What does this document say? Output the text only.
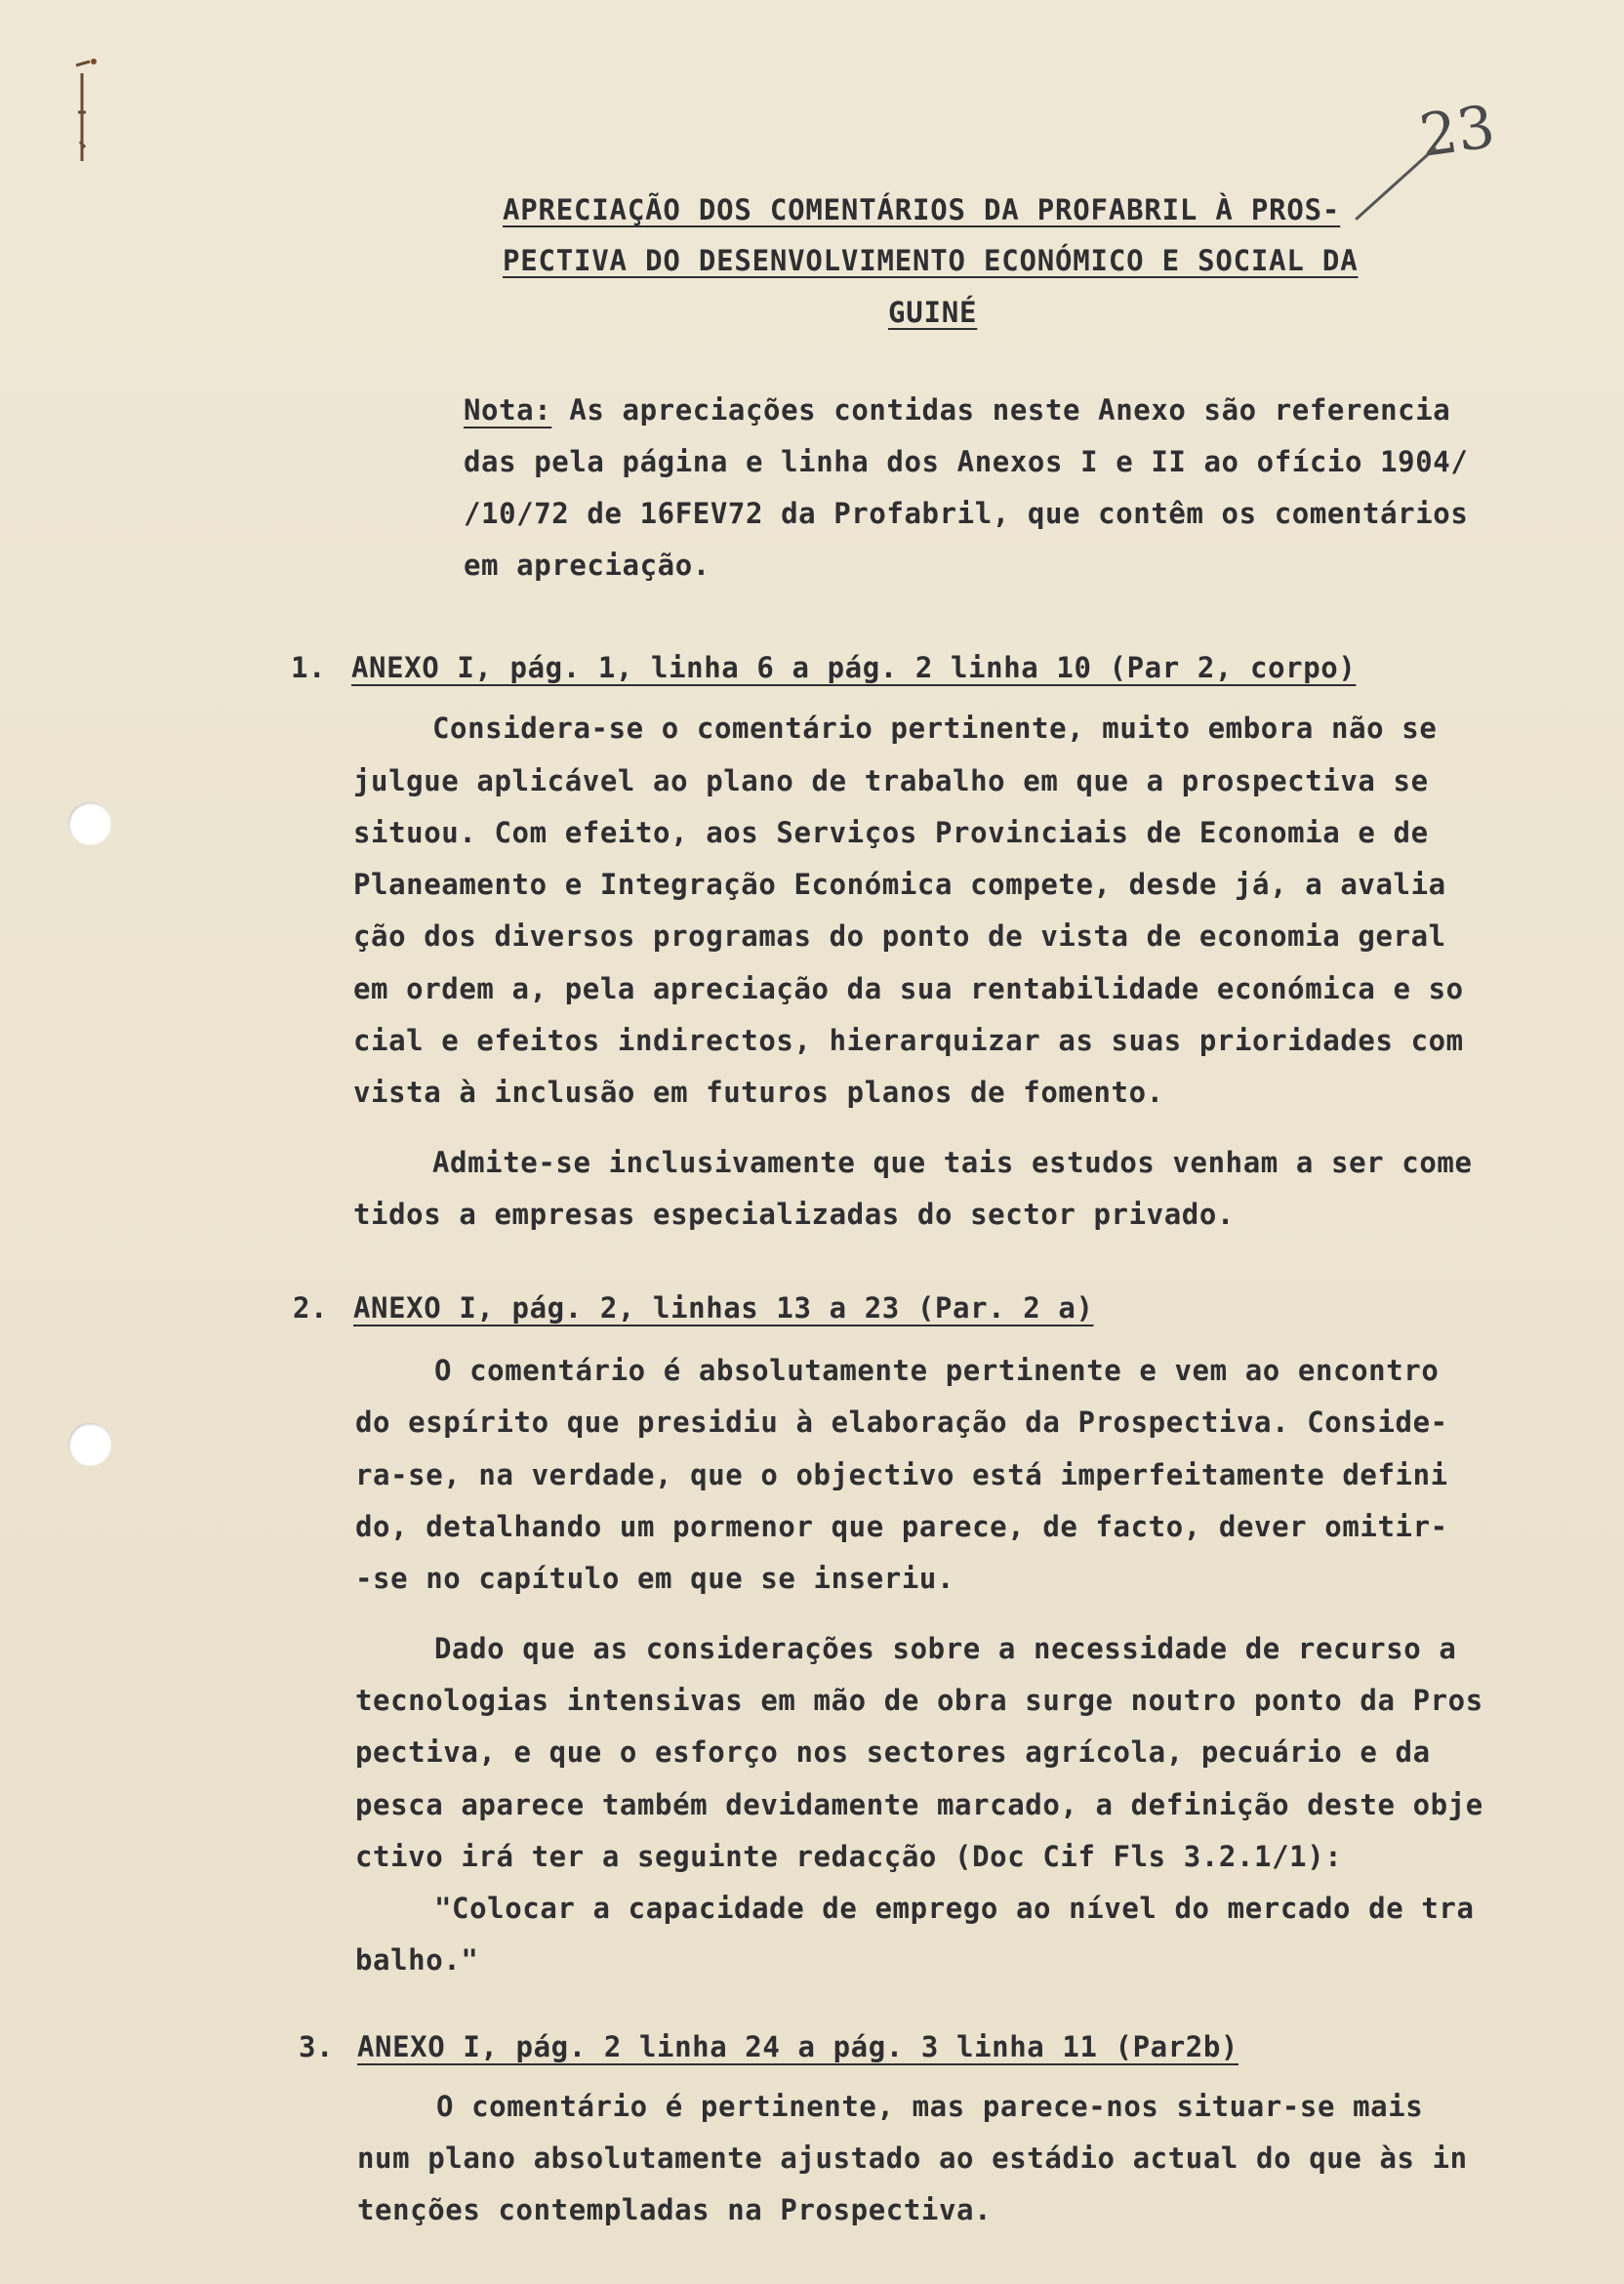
23
APRECIAÇÃO DOS COMENTÁRIOS DA PROFABRIL À PROS-
PECTIVA DO DESENVOLVIMENTO ECONÓMICO E SOCIAL DA
GUINÉ
Nota: As apreciações contidas neste Anexo são referencia
das pela página e linha dos Anexos I e II ao ofício 1904/
/10/72 de 16FEV72 da Profabril, que contêm os comentários
em apreciação.
1. ANEXO I, pág. 1, linha 6 a pág. 2 linha 10 (Par 2, corpo)
Considera-se o comentário pertinente, muito embora não se
julgue aplicável ao plano de trabalho em que a prospectiva se
situou. Com efeito, aos Serviços Provinciais de Economia e de
Planeamento e Integração Económica compete, desde já, a avalia
ção dos diversos programas do ponto de vista de economia geral
em ordem a, pela apreciação da sua rentabilidade económica e so
cial e efeitos indirectos, hierarquizar as suas prioridades com
vista à inclusão em futuros planos de fomento.
Admite-se inclusivamente que tais estudos venham a ser come
tidos a empresas especializadas do sector privado.
2. ANEXO I, pág. 2, linhas 13 a 23 (Par. 2 a)
O comentário é absolutamente pertinente e vem ao encontro
do espírito que presidiu à elaboração da Prospectiva. Conside-
ra-se, na verdade, que o objectivo está imperfeitamente defini
do, detalhando um pormenor que parece, de facto, dever omitir-
-se no capítulo em que se inseriu.
Dado que as considerações sobre a necessidade de recurso a
tecnologias intensivas em mão de obra surge noutro ponto da Pros
pectiva, e que o esforço nos sectores agrícola, pecuário e da
pesca aparece também devidamente marcado, a definição deste obje
ctivo irá ter a seguinte redacção (Doc Cif Fls 3.2.1/1):
"Colocar a capacidade de emprego ao nível do mercado de tra
balho."
3. ANEXO I, pág. 2 linha 24 a pág. 3 linha 11 (Par2b)
O comentário é pertinente, mas parece-nos situar-se mais
num plano absolutamente ajustado ao estádio actual do que às in
tenções contempladas na Prospectiva.
